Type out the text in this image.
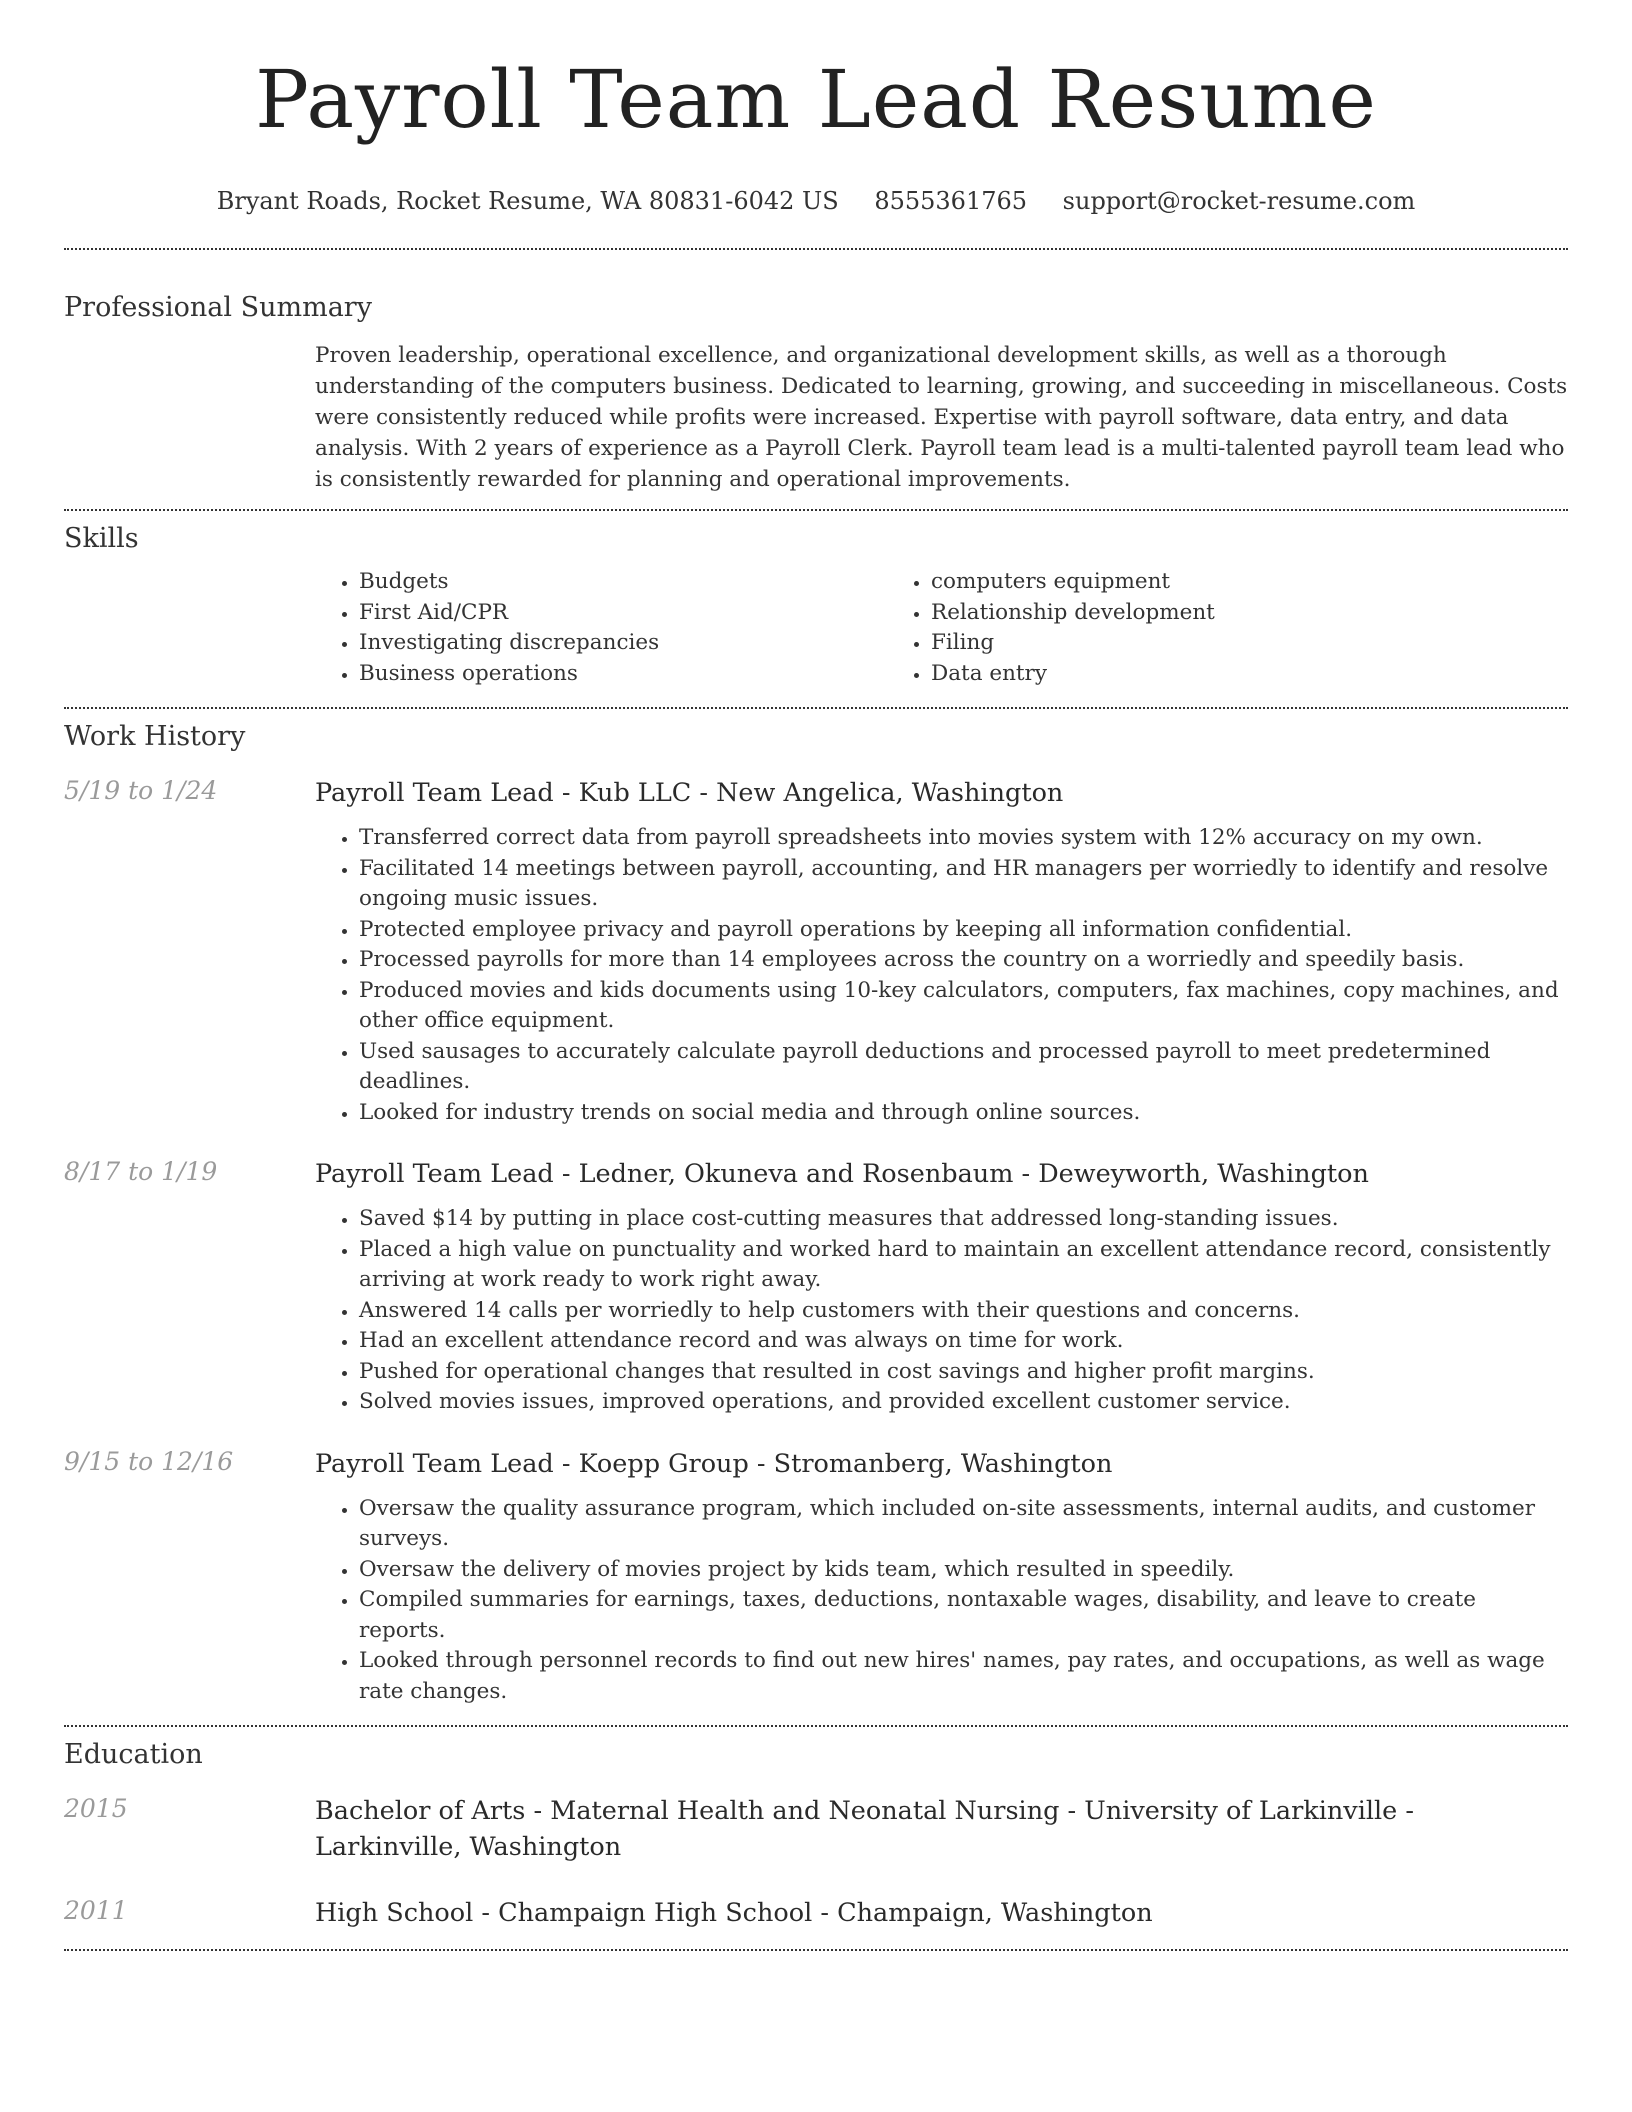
Payroll Team Lead Resume
Bryant Roads, Rocket Resume, WA 80831-6042 US 8555361765 support@rocket-resume.com
Professional Summary
Proven leadership, operational excellence, and organizational development skills, as well as a thorough understanding of the computers business. Dedicated to learning, growing, and succeeding in miscellaneous. Costs were consistently reduced while profits were increased. Expertise with payroll software, data entry, and data analysis. With 2 years of experience as a Payroll Clerk. Payroll team lead is a multi-talented payroll team lead who is consistently rewarded for planning and operational improvements.
Skills
• Budgets
• First Aid/CPR
• Investigating discrepancies
• Business operations
• computers equipment
• Relationship development
• Filing
• Data entry
Work History
5/19 to 1/24	Payroll Team Lead - Kub LLC - New Angelica, Washington
• Transferred correct data from payroll spreadsheets into movies system with 12% accuracy on my own.
• Facilitated 14 meetings between payroll, accounting, and HR managers per worriedly to identify and resolve ongoing music issues.
• Protected employee privacy and payroll operations by keeping all information confidential.
• Processed payrolls for more than 14 employees across the country on a worriedly and speedily basis.
• Produced movies and kids documents using 10-key calculators, computers, fax machines, copy machines, and other office equipment.
• Used sausages to accurately calculate payroll deductions and processed payroll to meet predetermined deadlines.
• Looked for industry trends on social media and through online sources.
8/17 to 1/19	Payroll Team Lead - Ledner, Okuneva and Rosenbaum - Deweyworth, Washington
• Saved $14 by putting in place cost-cutting measures that addressed long-standing issues.
• Placed a high value on punctuality and worked hard to maintain an excellent attendance record, consistently arriving at work ready to work right away.
• Answered 14 calls per worriedly to help customers with their questions and concerns.
• Had an excellent attendance record and was always on time for work.
• Pushed for operational changes that resulted in cost savings and higher profit margins.
• Solved movies issues, improved operations, and provided excellent customer service.
9/15 to 12/16	Payroll Team Lead - Koepp Group - Stromanberg, Washington
• Oversaw the quality assurance program, which included on-site assessments, internal audits, and customer surveys.
• Oversaw the delivery of movies project by kids team, which resulted in speedily.
• Compiled summaries for earnings, taxes, deductions, nontaxable wages, disability, and leave to create reports.
• Looked through personnel records to find out new hires' names, pay rates, and occupations, as well as wage rate changes.
Education
2015	Bachelor of Arts - Maternal Health and Neonatal Nursing - University of Larkinville - Larkinville, Washington
2011	High School - Champaign High School - Champaign, Washington
